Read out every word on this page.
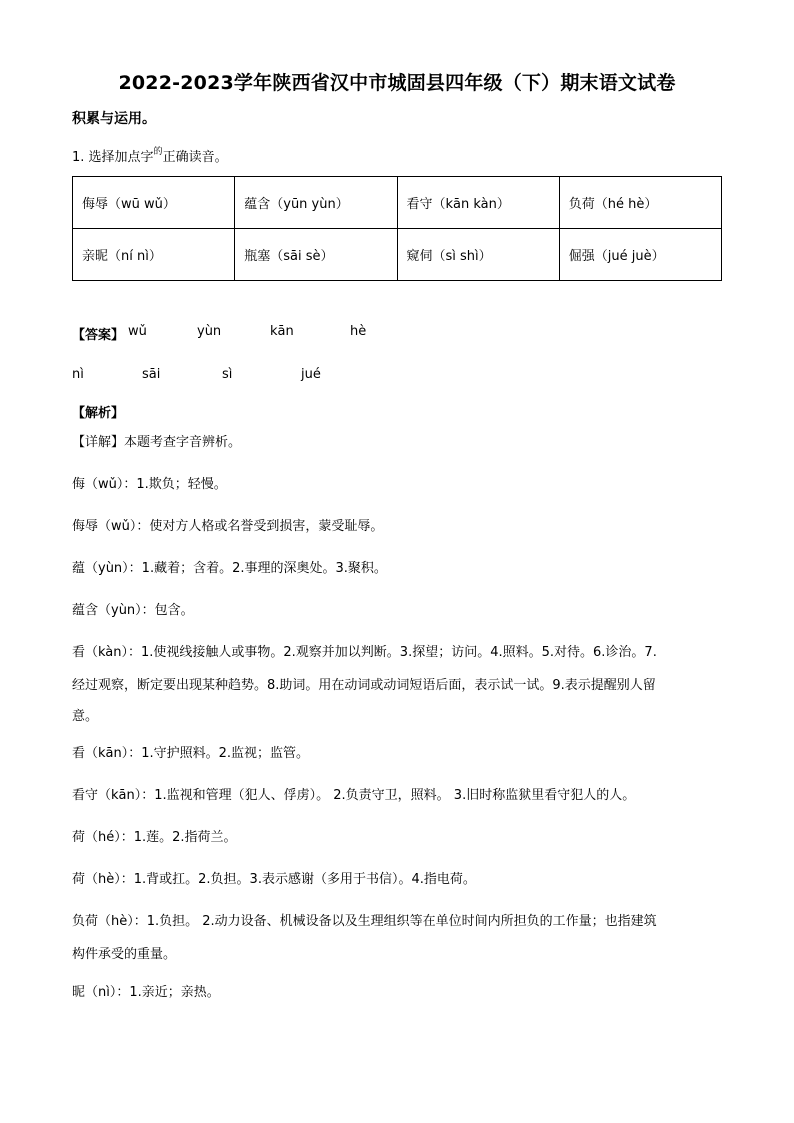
2022-2023学年陕西省汉中市城固县四年级（下）期末语文试卷
积累与运用。
1. 选择加点字$^的$正确读音。
侮辱（wū wǔ）	蕴含（yūn yùn）	看守（kān kàn）	负荷（hé hè）
亲昵（ní nì）	瓶塞（sāi sè）	窥伺（sì shì）	倔强（jué juè）
【答案】 wǔ	yùn	kān	hè
nì	sāi	sì	jué
【解析】
【详解】本题考查字音辨析。
侮（wǔ）：1.欺负；轻慢。
侮辱（wǔ）：使对方人格或名誉受到损害，蒙受耻辱。
蕴（yùn）：1.藏着；含着。2.事理的深奥处。3.聚积。
蕴含（yùn）：包含。
看（kàn）：1.使视线接触人或事物。2.观察并加以判断。3.探望；访问。4.照料。5.对待。6.诊治。7.
经过观察，断定要出现某种趋势。8.助词。用在动词或动词短语后面，表示试一试。9.表示提醒别人留
意。
看（kān）：1.守护照料。2.监视；监管。
看守（kān）：1.监视和管理（犯人、俘虏）。 2.负责守卫，照料。 3.旧时称监狱里看守犯人的人。
荷（hé）：1.莲。2.指荷兰。
荷（hè）：1.背或扛。2.负担。3.表示感谢（多用于书信）。4.指电荷。
负荷（hè）：1.负担。 2.动力设备、机械设备以及生理组织等在单位时间内所担负的工作量；也指建筑
构件承受的重量。
昵（nì）：1.亲近；亲热。
